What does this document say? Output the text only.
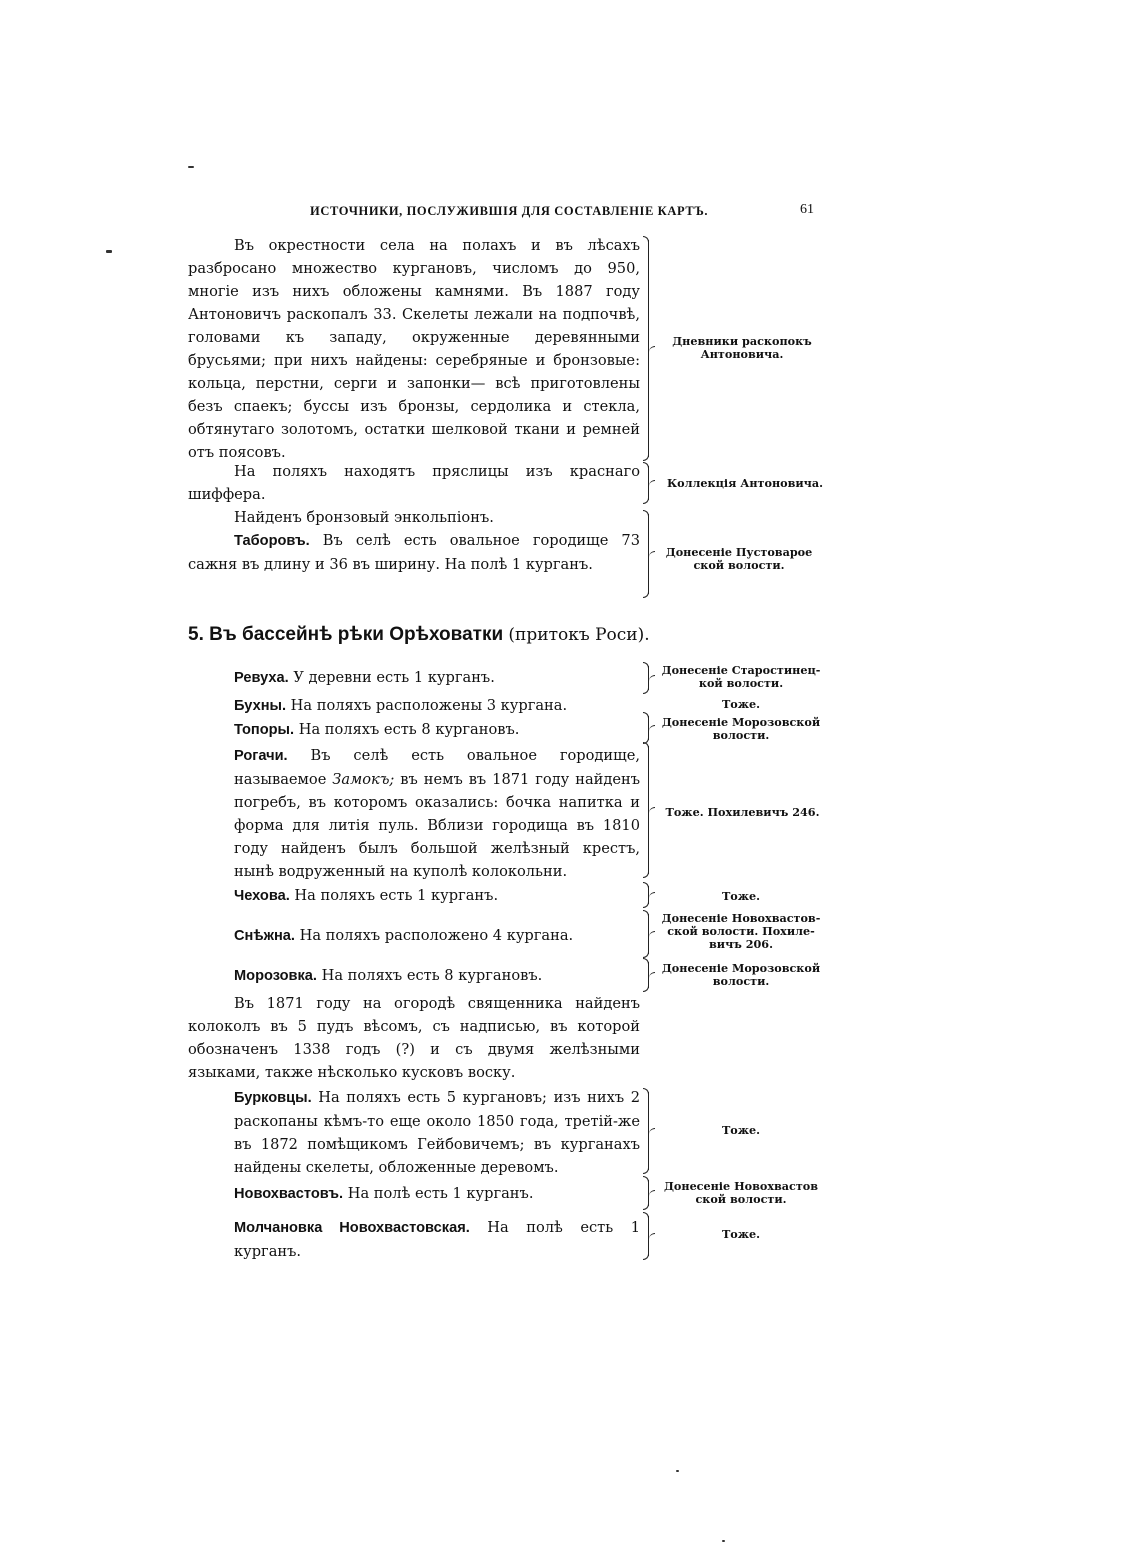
ИСТОЧНИКИ, ПОСЛУЖИВШІЯ ДЛЯ СОСТАВЛЕНІЕ КАРТЪ.	61

Въ окрестности села на полахъ и въ лѣсахъ разбросано множество кургановъ, числомъ до 950, многіе изъ нихъ обложены камнями. Въ 1887 году Антоновичъ раскопалъ 33. Скелеты лежали на подпочвѣ, головами къ западу, окруженные деревянными брусьями; при нихъ найдены: серебряные и бронзовые: кольца, перстни, серги и запонки— всѣ приготовлены безъ спаекъ; буссы изъ бронзы, сердолика и стекла, обтянутаго золотомъ, остатки шелковой ткани и ремней отъ поясовъ.

Дневники раскопокъ
Антоновича.

На поляхъ находятъ пряслицы изъ краснаго шиффера.

Коллекція Антоновича.

Найденъ бронзовый энкольпіонъ.

Таборовъ. Въ селѣ есть овальное городище 73 сажня въ длину и 36 въ ширину. На полѣ 1 курганъ.

Донесеніе Пустоварое
ской волости.
5. Въ бассейнѣ рѣки Орѣховатки (притокъ Роси).

Ревуха. У деревни есть 1 курганъ.	Донесеніе Старостинец-
кой волости.

Бухны. На поляхъ расположены 3 кургана.	Тоже.

Топоры. На поляхъ есть 8 кургановъ.	Донесеніе Морозовской
волости.

Рогачи. Въ селѣ есть овальное городище, называемое Замокъ; въ немъ въ 1871 году найденъ погребъ, въ которомъ оказались: бочка напитка и форма для литія пуль. Вблизи городища въ 1810 году найденъ былъ большой желѣзный крестъ, нынѣ водруженный на куполѣ колокольни.

Тоже. Похилевичъ 246.

Чехова. На поляхъ есть 1 курганъ.	Тоже.

Снѣжна. На поляхъ расположено 4 кургана.

Донесеніе Новохвастов-
ской волости. Похиле-
вичъ 206.

Морозовка. На поляхъ есть 8 кургановъ.	Донесеніе Морозовской
волости.

Въ 1871 году на огородѣ священника найденъ колоколъ въ 5 пудъ вѣсомъ, съ надписью, въ которой обозначенъ 1338 годъ (?) и съ двумя желѣзными языками, также нѣсколько кусковъ воску.

Бурковцы. На поляхъ есть 5 кургановъ; изъ нихъ 2 раскопаны кѣмъ-то еще около 1850 года, третій-же въ 1872 помѣщикомъ Гейбовичемъ; въ курганахъ найдены скелеты, обложенные деревомъ.

Тоже.

Новохвастовъ. На полѣ есть 1 курганъ.	Донесеніе Новохвастов
ской волости.

Молчановка Новохвастовская. На полѣ есть 1 курганъ.

Тоже.
